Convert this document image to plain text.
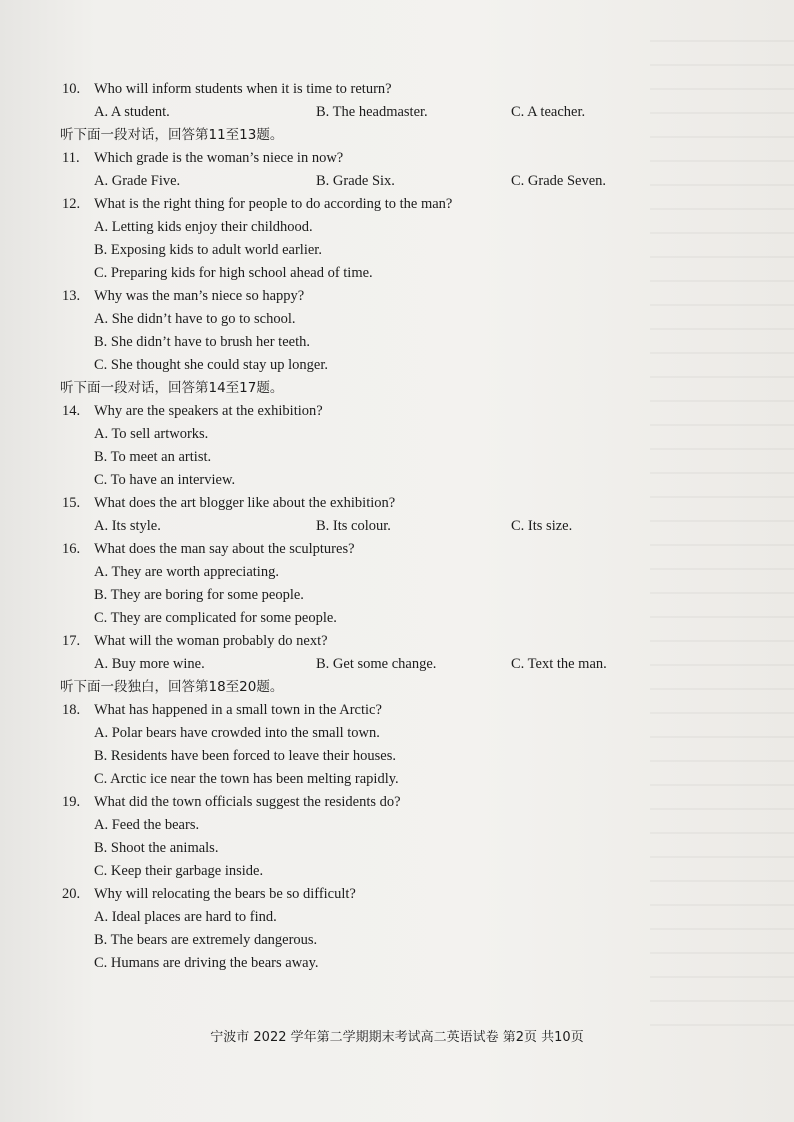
10. Who will inform students when it is time to return?
A. A student.	B. The headmaster.	C. A teacher.
听下面一段对话，回答第11至13题。
11. Which grade is the woman’s niece in now?
A. Grade Five.	B. Grade Six.	C. Grade Seven.
12. What is the right thing for people to do according to the man?
A. Letting kids enjoy their childhood.
B. Exposing kids to adult world earlier.
C. Preparing kids for high school ahead of time.
13. Why was the man’s niece so happy?
A. She didn’t have to go to school.
B. She didn’t have to brush her teeth.
C. She thought she could stay up longer.
听下面一段对话，回答第14至17题。
14. Why are the speakers at the exhibition?
A. To sell artworks.
B. To meet an artist.
C. To have an interview.
15. What does the art blogger like about the exhibition?
A. Its style.	B. Its colour.	C. Its size.
16. What does the man say about the sculptures?
A. They are worth appreciating.
B. They are boring for some people.
C. They are complicated for some people.
17. What will the woman probably do next?
A. Buy more wine.	B. Get some change.	C. Text the man.
听下面一段独白，回答第18至20题。
18. What has happened in a small town in the Arctic?
A. Polar bears have crowded into the small town.
B. Residents have been forced to leave their houses.
C. Arctic ice near the town has been melting rapidly.
19. What did the town officials suggest the residents do?
A. Feed the bears.
B. Shoot the animals.
C. Keep their garbage inside.
20. Why will relocating the bears be so difficult?
A. Ideal places are hard to find.
B. The bears are extremely dangerous.
C. Humans are driving the bears away.
宁波市 2022 学年第二学期期末考试高二英语试卷 第2页 共10页
